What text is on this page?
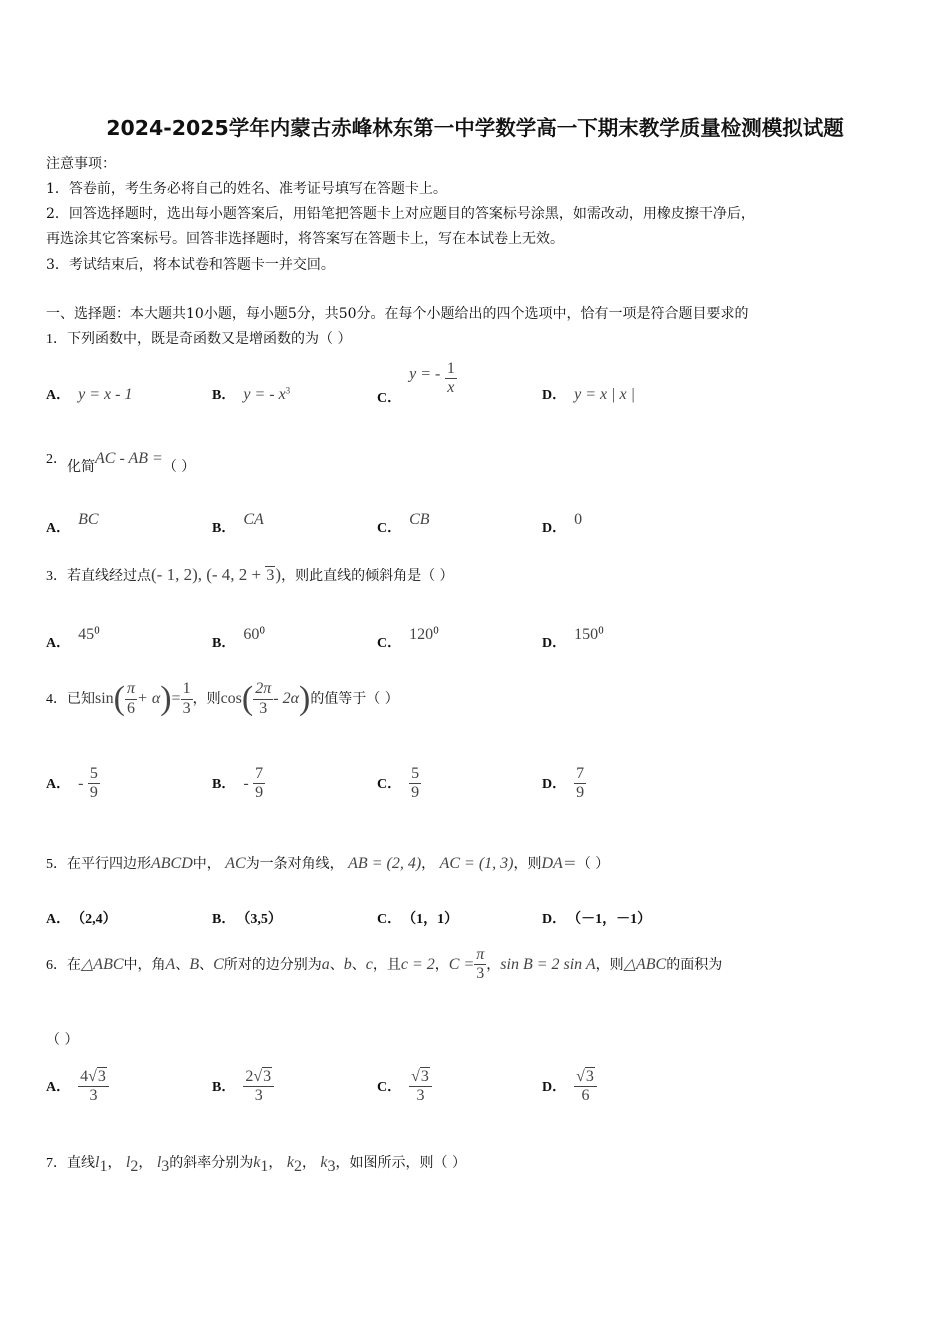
2024-2025学年内蒙古赤峰林东第一中学数学高一下期末教学质量检测模拟试题
注意事项：
1．答卷前，考生务必将自己的姓名、准考证号填写在答题卡上。
2．回答选择题时，选出每小题答案后，用铅笔把答题卡上对应题目的答案标号涂黑，如需改动，用橡皮擦干净后，
再选涂其它答案标号。回答非选择题时，将答案写在答题卡上，写在本试卷上无效。
3．考试结束后，将本试卷和答题卡一并交回。
一、选择题：本大题共10小题，每小题5分，共50分。在每个小题给出的四个选项中，恰有一项是符合题目要求的
1．下列函数中，既是奇函数又是增函数的为（ ）
A． y = x - 1	B． y = - $x^3$
C．y = - $\frac{1}{x}$	D． y = x | x |
2．化简AC - AB =（ ）
A．BC
B．CA
C．CB
D．0
3．若直线经过点(- 1, 2), (- 4, 2 + 3)，则此直线的倾斜角是（ ）
A．$45^0$
B．$60^0$
C．$120^0$
D．$150^0$
4．已知$\sin( \frac{\pi}{6} + \alpha)= \frac{1}{3}$ ，则$\cos( \frac{2\pi}{3} - 2\alpha)$的值等于（ ）
A． - $\frac{5}{9}$	B． - $\frac{7}{9}$	C． $\frac{5}{9}$	D． $\frac{7}{9}$
5．在平行四边形ABCD中， AC为一条对角线， AB = (2, 4)， AC = (1, 3)，则DA＝（ ）
A． （2,4）	B． （3,5）	C． （1，1）	D． （－1，－1）
6．在△ABC中，角A、B、C所对的边分别为a、b、c，且c = 2，$C = \frac{\pi}{3}$ ，sin B = 2 sin A，则△ABC的面积为
（ ）
A． $\frac{4√3}{3}$	B． $\frac{2√3}{3}$	C． $\frac{√3}{3}$	D． $\frac{√3}{6}$
7．直线$l_1$， $l_2$， $l_3$的斜率分别为$k_1$， $k_2$， $k_3$，如图所示，则（ ）
